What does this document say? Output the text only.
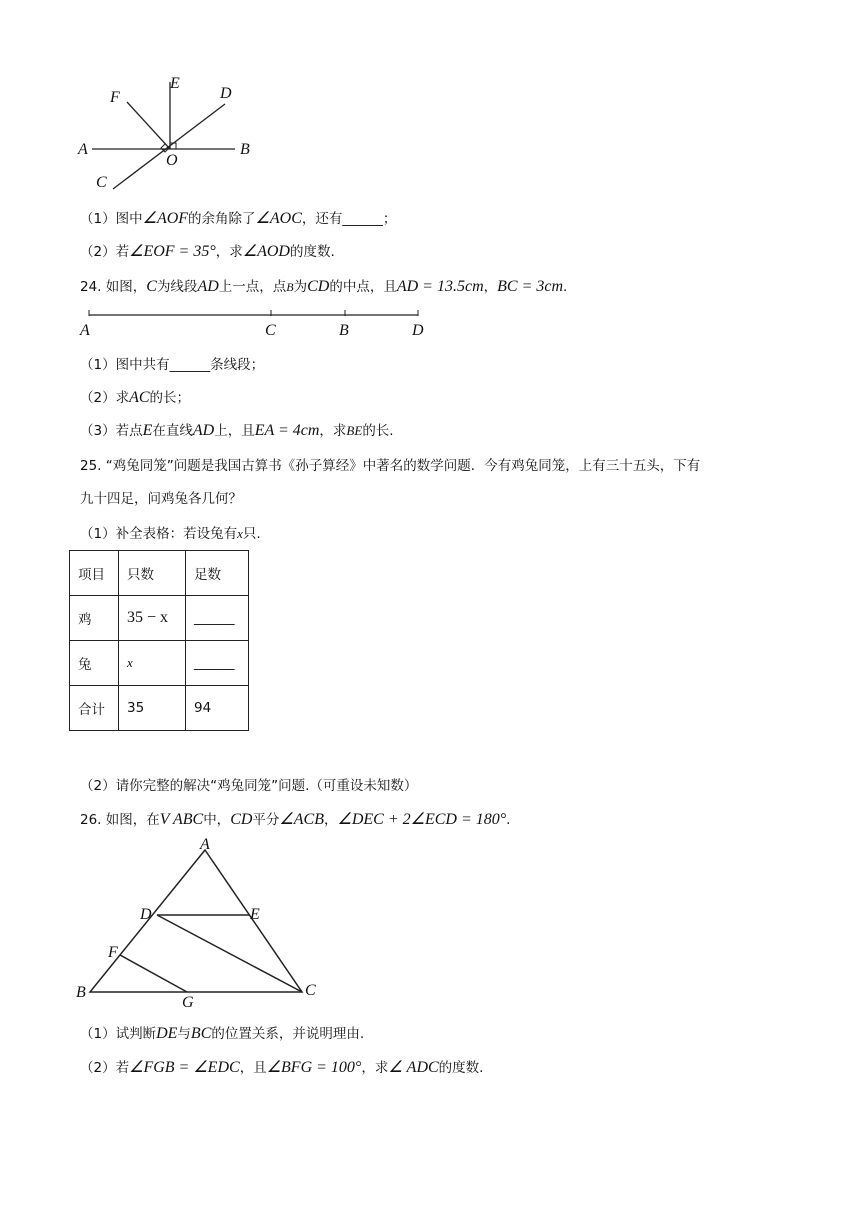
E
D
F
A
O
B
C
（1）图中∠AOF的余角除了∠AOC，还有______；
（2）若∠EOF = 35°，求∠AOD的度数.
24. 如图，C为线段AD上一点，点B为CD的中点，且AD = 13.5cm，BC = 3cm.
A	C	B	D
（1）图中共有______条线段；
（2）求AC的长；
（3）若点E在直线AD上，且EA = 4cm，求BE的长.
25. “鸡兔同笼”问题是我国古算书《孙子算经》中著名的数学问题．今有鸡兔同笼，上有三十五头，下有
九十四足，问鸡兔各几何？
（1）补全表格：若设兔有x只.
项目	只数	足数
鸡	35 − x	______
兔	x	______
合计	35	94
（2）请你完整的解决“鸡兔同笼”问题.（可重设未知数）
26. 如图，在V ABC中，CD平分∠ACB，∠DEC + 2∠ECD = 180°.
A
D	E
F
B
G
C
（1）试判断DE与BC的位置关系，并说明理由.
（2）若∠FGB = ∠EDC，且∠BFG = 100°，求∠ ADC的度数.
